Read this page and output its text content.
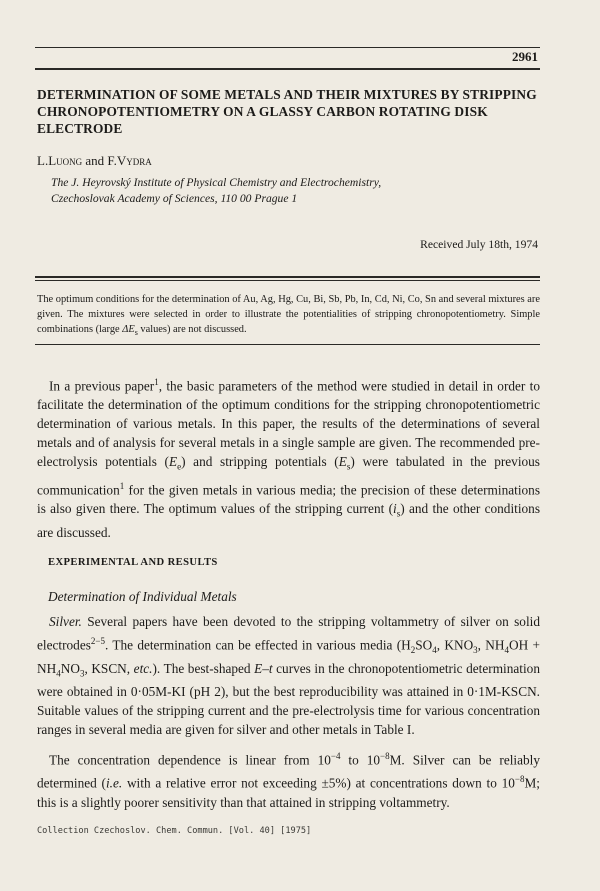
2961
DETERMINATION OF SOME METALS AND THEIR MIXTURES BY STRIPPING CHRONOPOTENTIOMETRY ON A GLASSY CARBON ROTATING DISK ELECTRODE
L.Luong and F.Vydra
The J. Heyrovský Institute of Physical Chemistry and Electrochemistry,
Czechoslovak Academy of Sciences, 110 00 Prague 1
Received July 18th, 1974
The optimum conditions for the determination of Au, Ag, Hg, Cu, Bi, Sb, Pb, In, Cd, Ni, Co, Sn and several mixtures are given. The mixtures were selected in order to illustrate the potentialities of stripping chronopotentiometry. Simple combinations (large $\Delta E_s$ values) are not discussed.

In a previous paper$^1$, the basic parameters of the method were studied in detail in order to facilitate the determination of the optimum conditions for the stripping chronopotentiometric determination of various metals. In this paper, the results of the determinations of several metals and of analysis for several metals in a single sample are given. The recommended pre-electrolysis potentials $(E_e)$ and stripping potentials $(E_s)$ were tabulated in the previous communication$^1$ for the given metals in various media; the precision of these determinations is also given there. The optimum values of the stripping current $(i_s)$ and the other conditions are discussed.

EXPERIMENTAL AND RESULTS
Determination of Individual Metals

Silver. Several papers have been devoted to the stripping voltammetry of silver on solid electrodes$^{2-5}$. The determination can be effected in various media ($H_2SO_4$, $KNO_3$, $NH_4OH + NH_4NO_3$, KSCN, etc.). The best-shaped E–t curves in the chronopotentiometric determination were obtained in 0·05M-KI (pH 2), but the best reproducibility was attained in 0·1M-KSCN. Suitable values of the stripping current and the pre-electrolysis time for various concentration ranges in several media are given for silver and other metals in Table I.

The concentration dependence is linear from $10^{-4}$ to $10^{-8}M$. Silver can be reliably determined (i.e. with a relative error not exceeding ±5%) at concentrations down to $10^{-8}M$; this is a slightly poorer sensitivity than that attained in stripping voltammetry.

Collection Czechoslov. Chem. Commun. [Vol. 40] [1975]
